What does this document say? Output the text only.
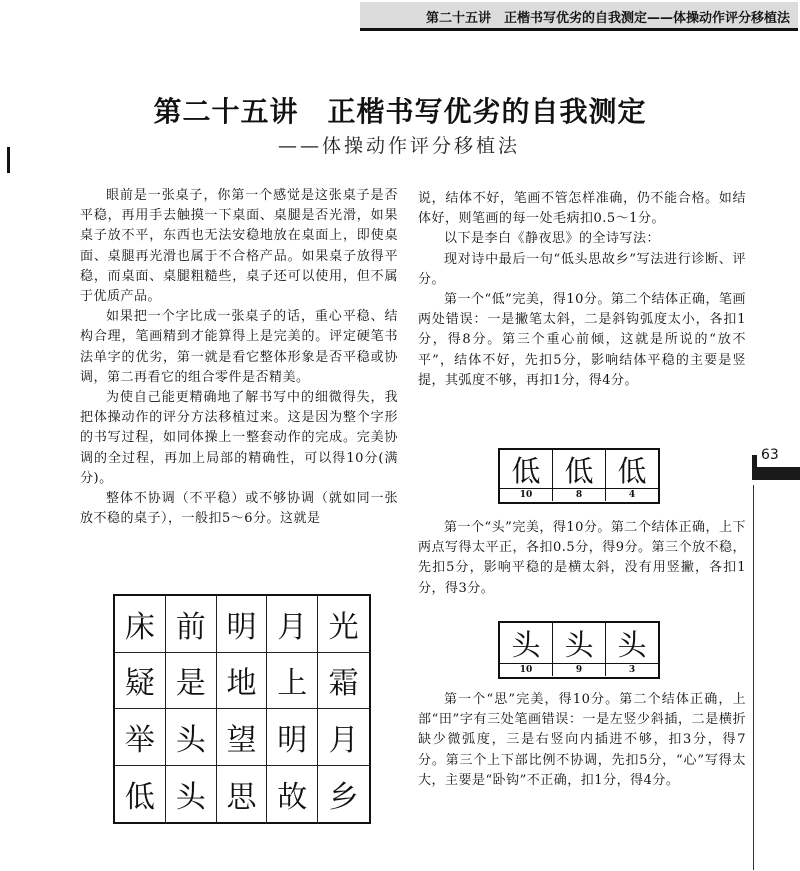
第二十五讲　正楷书写优劣的自我测定——体操动作评分移植法
63
第二十五讲　正楷书写优劣的自我测定
——体操动作评分移植法

眼前是一张桌子，你第一个感觉是这张桌子是否平稳，再用手去触摸一下桌面、桌腿是否光滑，如果桌子放不平，东西也无法安稳地放在桌面上，即使桌面、桌腿再光滑也属于不合格产品。如果桌子放得平稳，而桌面、桌腿粗糙些，桌子还可以使用，但不属于优质产品。

如果把一个字比成一张桌子的话，重心平稳、结构合理，笔画精到才能算得上是完美的。评定硬笔书法单字的优劣，第一就是看它整体形象是否平稳或协调，第二再看它的组合零件是否精美。

为使自己能更精确地了解书写中的细微得失，我把体操动作的评分方法移植过来。这是因为整个字形的书写过程，如同体操上一整套动作的完成。完美协调的全过程，再加上局部的精确性，可以得10分(满分)。

整体不协调（不平稳）或不够协调（就如同一张放不稳的桌子），一般扣5～6分。这就是

床 前 明 月 光
疑 是 地 上 霜
举 头 望 明 月
低 头 思 故 乡

说，结体不好，笔画不管怎样准确，仍不能合格。如结体好，则笔画的每一处毛病扣0.5～1分。

以下是李白《静夜思》的全诗写法：

现对诗中最后一句“低头思故乡”写法进行诊断、评分。

第一个“低”完美，得10分。第二个结体正确，笔画两处错误：一是撇笔太斜，二是斜钩弧度太小，各扣1分，得8分。第三个重心前倾，这就是所说的“放不平”，结体不好，先扣5分，影响结体平稳的主要是竖提，其弧度不够，再扣1分，得4分。

低 低 低
10	8	4

第一个“头”完美，得10分。第二个结体正确，上下两点写得太平正，各扣0.5分，得9分。第三个放不稳，先扣5分，影响平稳的是横太斜，没有用竖撇，各扣1分，得3分。

头 头 头
10	9	3

第一个“思”完美，得10分。第二个结体正确，上部“田”字有三处笔画错误：一是左竖少斜插，二是横折缺少微弧度，三是右竖向内插进不够，扣3分，得7分。第三个上下部比例不协调，先扣5分，“心”写得太大，主要是“卧钩”不正确，扣1分，得4分。
